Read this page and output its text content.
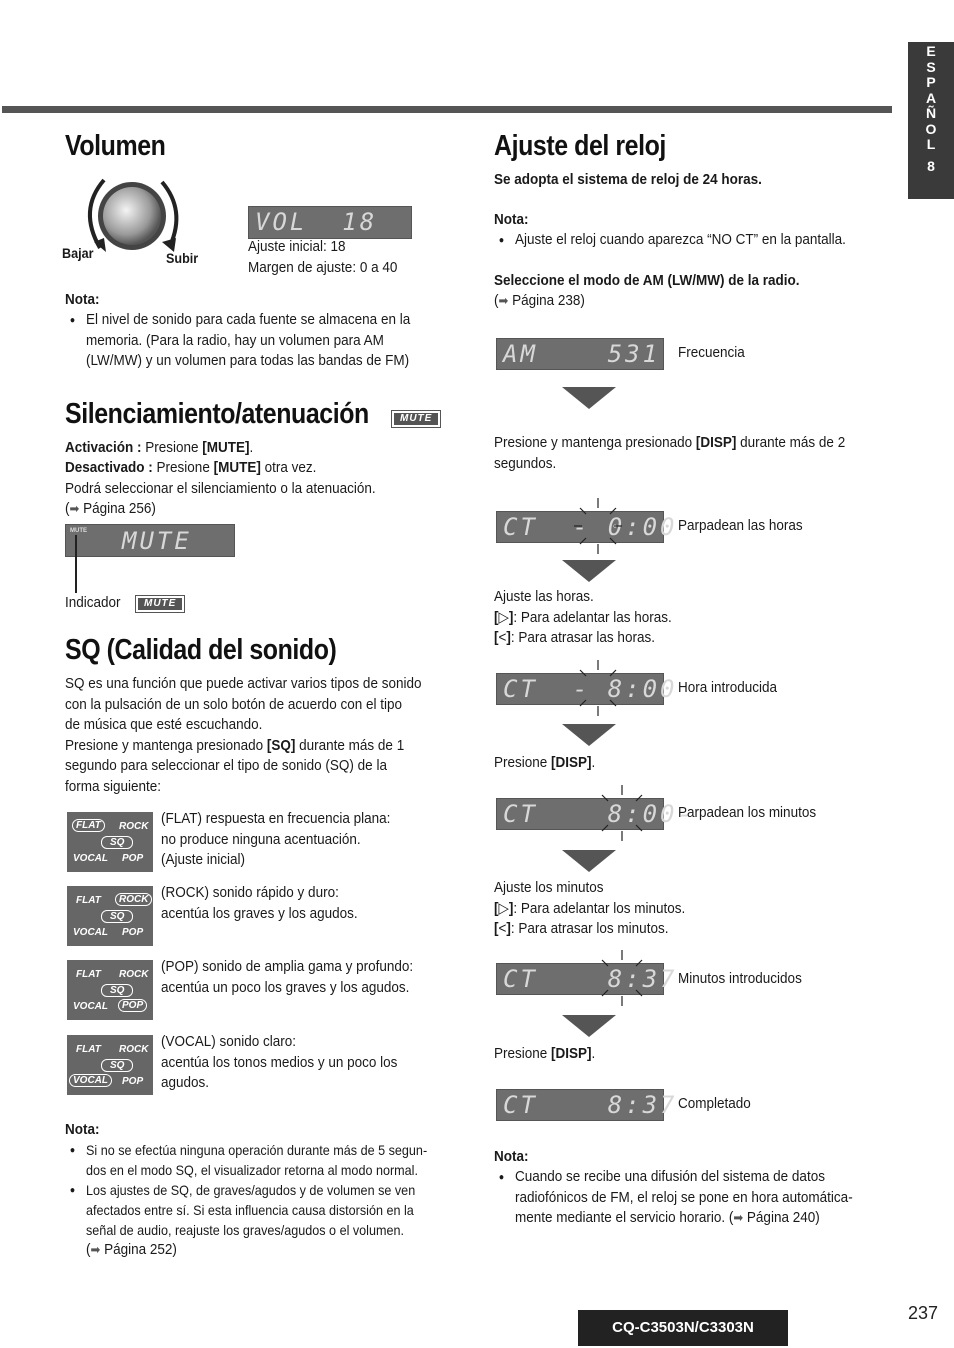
E
S
P
A
Ñ
O
L
8
Volumen
Bajar	Subir
VOL  18
Ajuste inicial: 18
Margen de ajuste: 0 a 40
Nota:
● El nivel de sonido para cada fuente se almacena en la
memoria. (Para la radio, hay un volumen para AM
(LW/MW) y un volumen para todas las bandas de FM)
Silenciamiento/atenuación	MUTE
Activación : Presione [MUTE].
Desactivado : Presione [MUTE] otra vez.
Podrá seleccionar el silenciamiento o la atenuación.
(➡ Página 256)
MUTE	MUTE
Indicador	MUTE
SQ (Calidad del sonido)
SQ es una función que puede activar varios tipos de sonido
con la pulsación de un solo botón de acuerdo con el tipo
de música que esté escuchando.
Presione y mantenga presionado [SQ] durante más de 1
segundo para seleccionar el tipo de sonido (SQ) de la
forma siguiente:
FLAT	ROCK
SQ
VOCAL POP
(FLAT) respuesta en frecuencia plana:
no produce ninguna acentuación.
(Ajuste inicial)
FLAT	ROCK
SQ
VOCAL POP
(ROCK) sonido rápido y duro:
acentúa los graves y los agudos.
FLAT ROCK
SQ
VOCAL	POP
(POP) sonido de amplia gama y profundo:
acentúa un poco los graves y los agudos.
FLAT ROCK
SQ
VOCAL	POP
(VOCAL) sonido claro:
acentúa los tonos medios y un poco los
agudos.
Nota:
● Si no se efectúa ninguna operación durante más de 5 segun-
dos en el modo SQ, el visualizador retorna al modo normal.
● Los ajustes de SQ, de graves/agudos y de volumen se ven
afectados entre sí. Si esta influencia causa distorsión en la
señal de audio, reajuste los graves/agudos o el volumen.
(➡ Página 252)
Ajuste del reloj
Se adopta el sistema de reloj de 24 horas.
Nota:
● Ajuste el reloj cuando aparezca “NO CT” en la pantalla.
Seleccione el modo de AM (LW/MW) de la radio.
(➡ Página 238)
AM    531 Frecuencia
Presione y mantenga presionado [DISP] durante más de 2
segundos.
CT  - 0:00 Parpadean las horas
Ajuste las horas.
[▷]: Para adelantar las horas.
[<]: Para atrasar las horas.
CT  - 8:00 Hora introducida
Presione [DISP].
CT    8:00-
Parpadean los minutos
Ajuste los minutos
[▷]: Para adelantar los minutos.
[<]: Para atrasar los minutos.
CT    8:37-
Minutos introducidos
Presione [DISP].
CT    8:37 Completado
Nota:
● Cuando se recibe una difusión del sistema de datos
radiofónicos de FM, el reloj se pone en hora automática-
mente mediante el servicio horario. (➡ Página 240)
CQ-C3503N/C3303N
237
